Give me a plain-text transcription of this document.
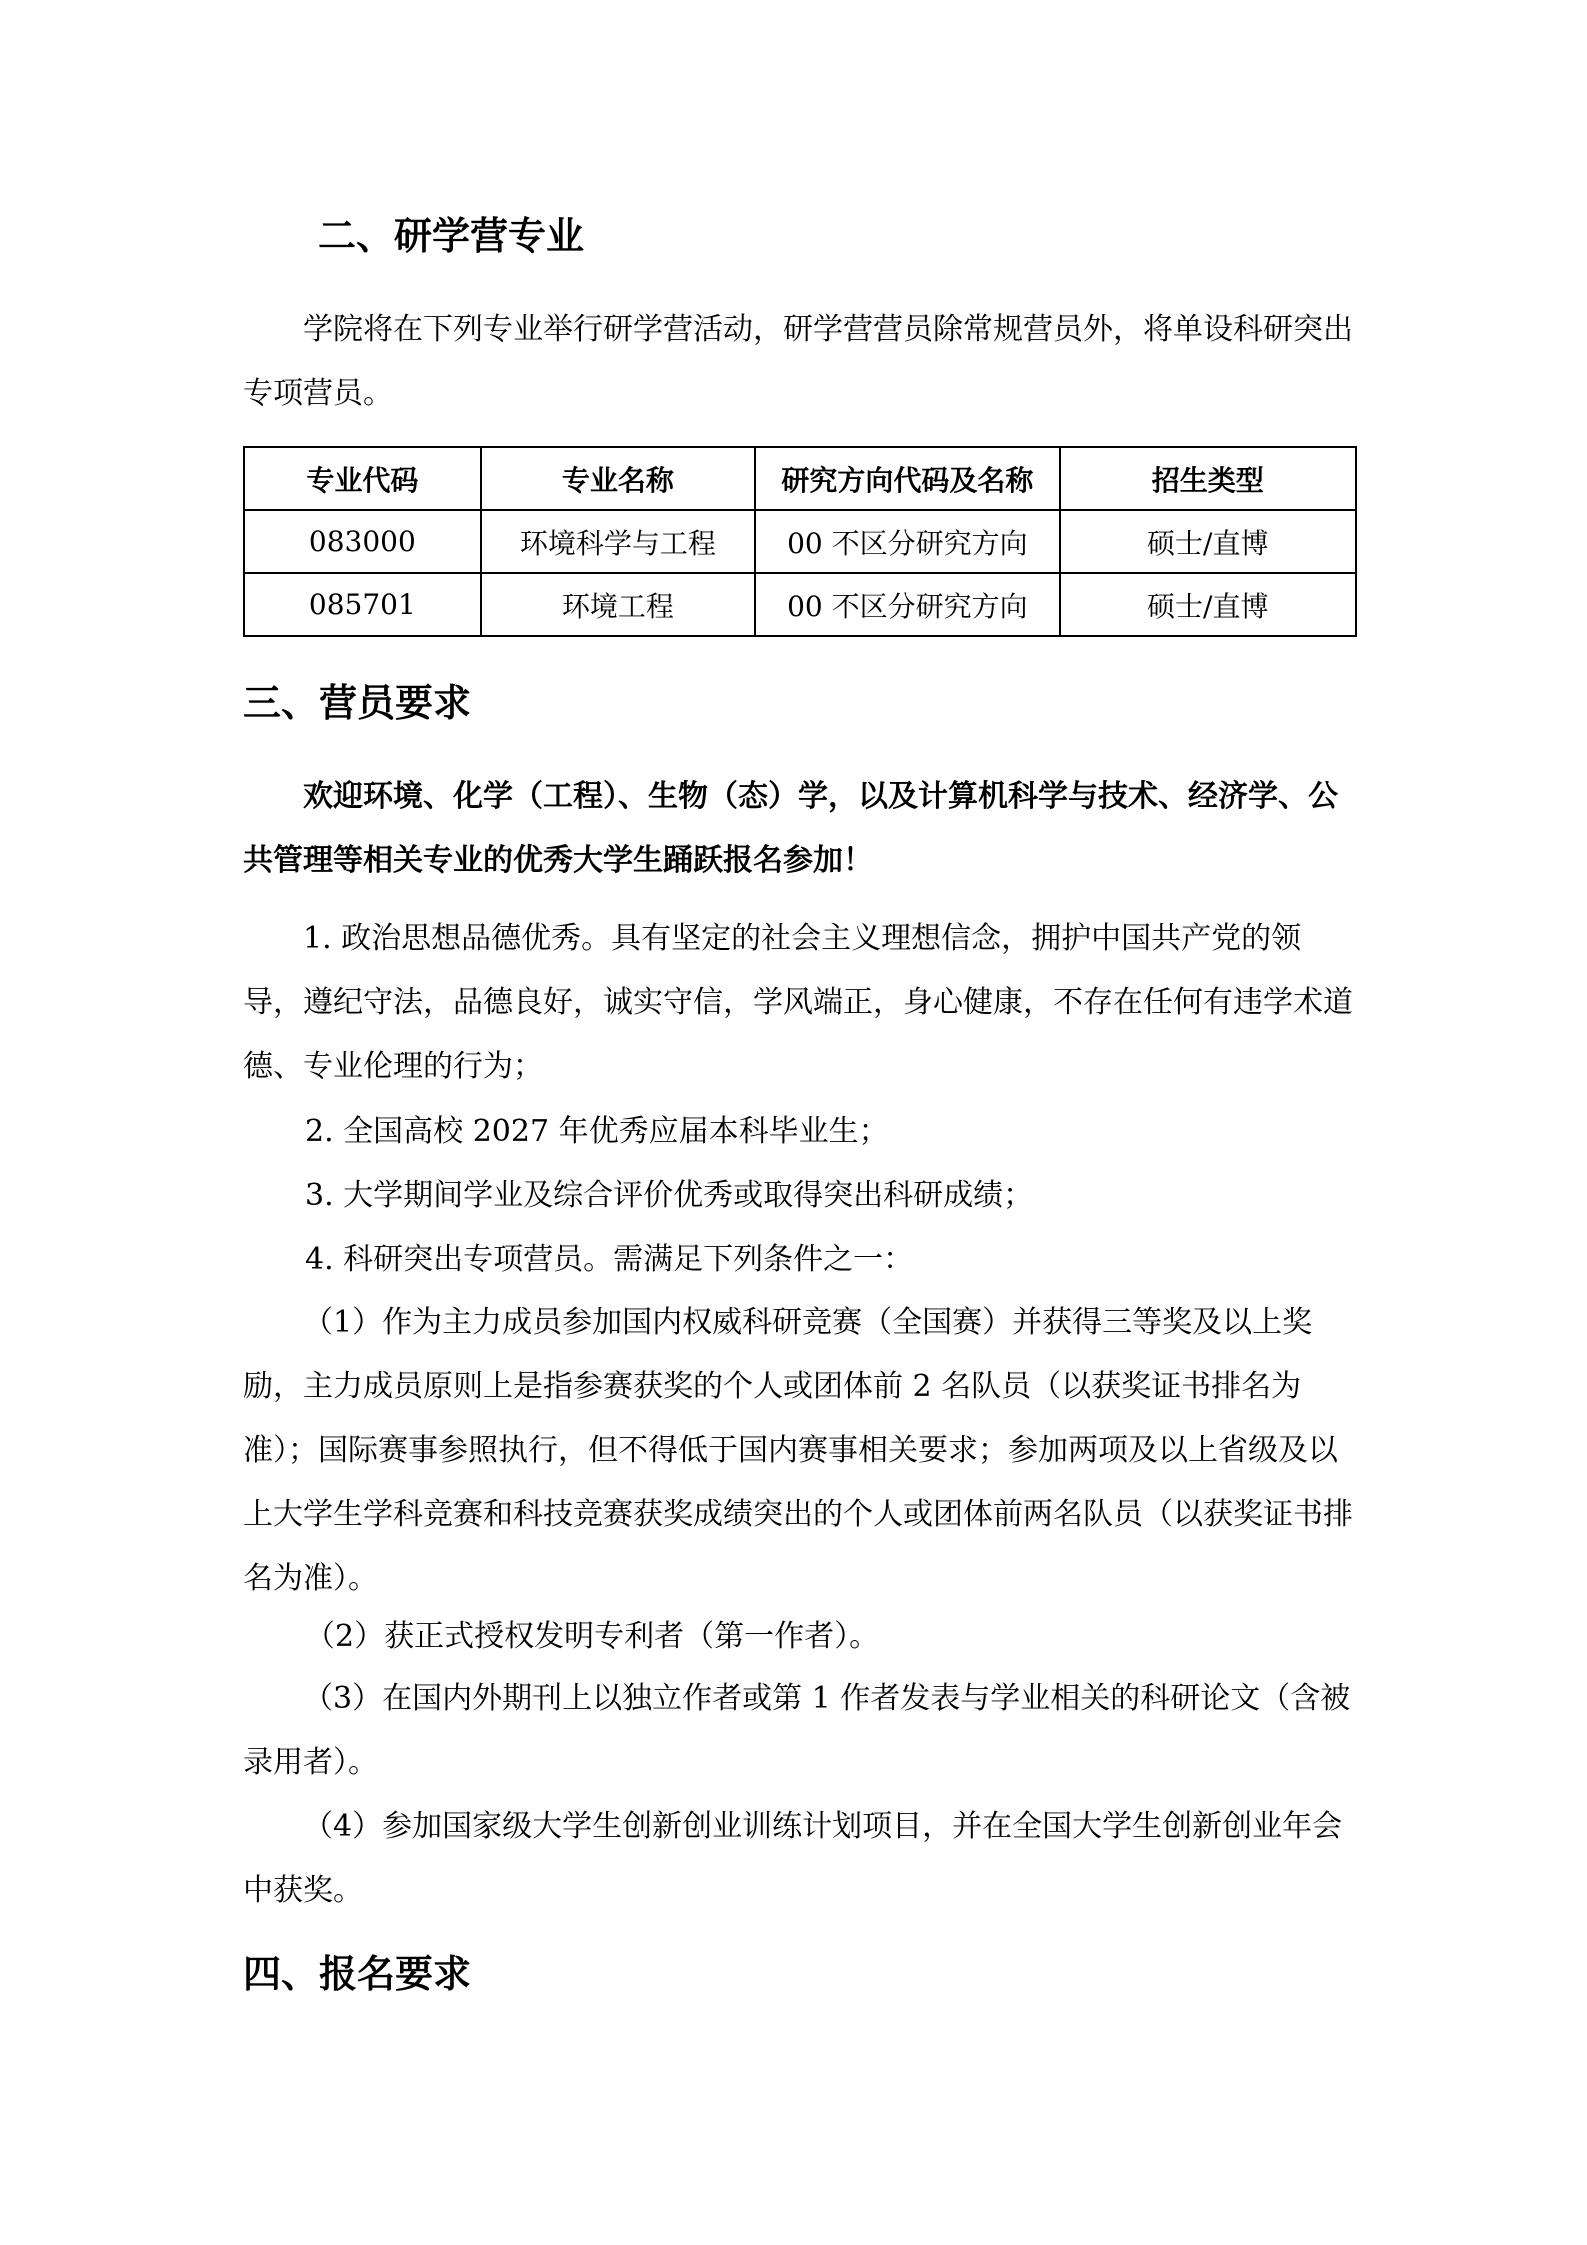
二、研学营专业
学院将在下列专业举行研学营活动，研学营营员除常规营员外，将单设科研突出专项营员。
专业代码	专业名称	研究方向代码及名称	招生类型
083000	环境科学与工程	00 不区分研究方向	硕士/直博
085701	环境工程	00 不区分研究方向	硕士/直博
三、营员要求
欢迎环境、化学（工程）、生物（态）学，以及计算机科学与技术、经济学、公共管理等相关专业的优秀大学生踊跃报名参加！
1. 政治思想品德优秀。具有坚定的社会主义理想信念，拥护中国共产党的领导，遵纪守法，品德良好，诚实守信，学风端正，身心健康，不存在任何有违学术道德、专业伦理的行为；
2. 全国高校 2027 年优秀应届本科毕业生；
3. 大学期间学业及综合评价优秀或取得突出科研成绩；
4. 科研突出专项营员。需满足下列条件之一：
（1）作为主力成员参加国内权威科研竞赛（全国赛）并获得三等奖及以上奖励，主力成员原则上是指参赛获奖的个人或团体前 2 名队员（以获奖证书排名为准）；国际赛事参照执行，但不得低于国内赛事相关要求；参加两项及以上省级及以上大学生学科竞赛和科技竞赛获奖成绩突出的个人或团体前两名队员（以获奖证书排名为准）。
（2）获正式授权发明专利者（第一作者）。
（3）在国内外期刊上以独立作者或第 1 作者发表与学业相关的科研论文（含被录用者）。
（4）参加国家级大学生创新创业训练计划项目，并在全国大学生创新创业年会中获奖。
四、报名要求
